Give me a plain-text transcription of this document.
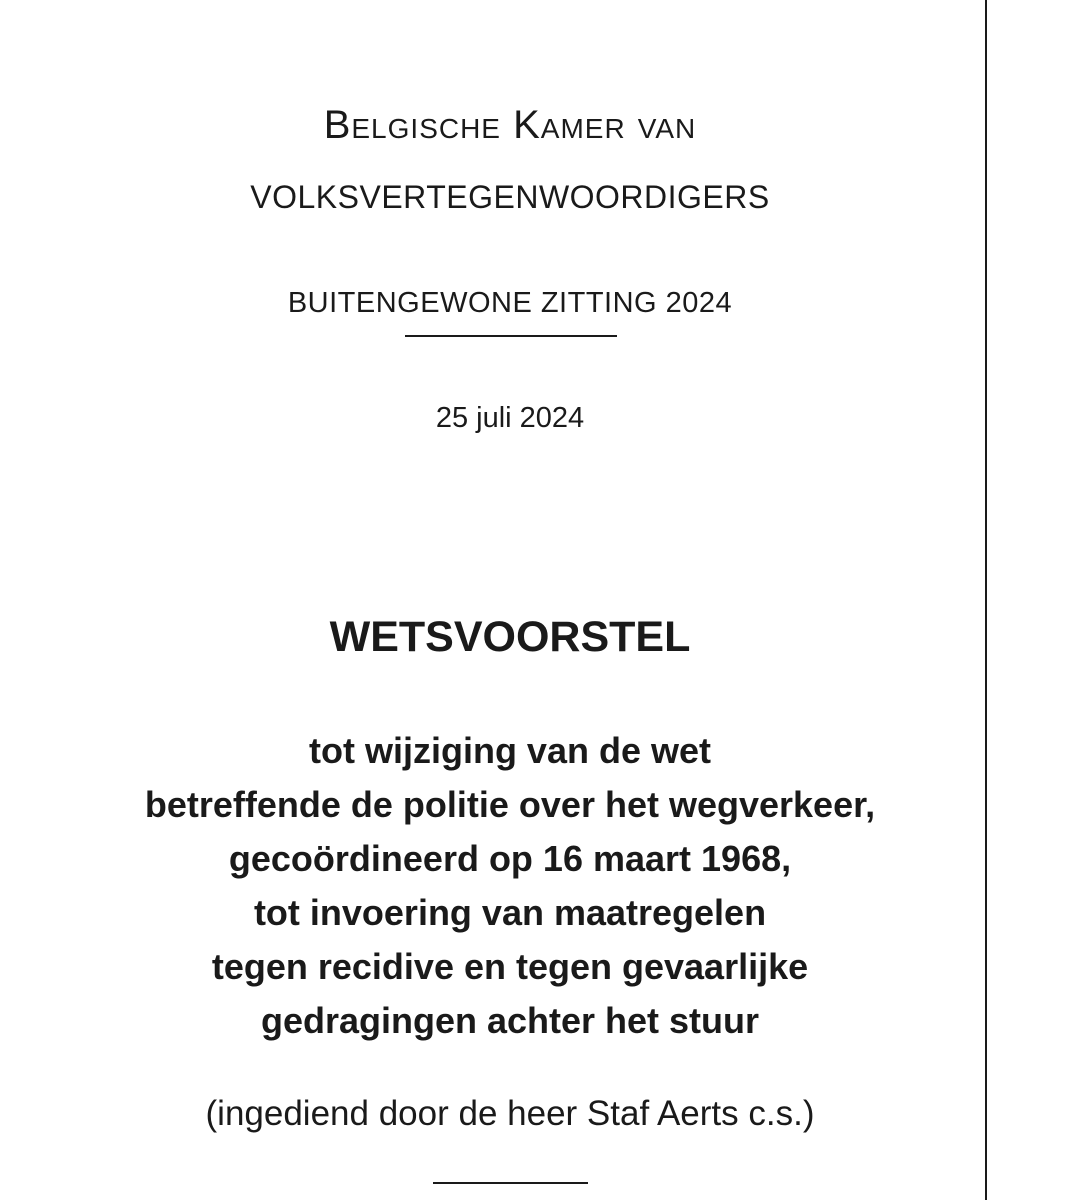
Belgische Kamer van
VOLKSVERTEGENWOORDIGERS
BUITENGEWONE ZITTING 2024
25 juli 2024
WETSVOORSTEL
tot wijziging van de wet
betreffende de politie over het wegverkeer,
gecoördineerd op 16 maart 1968,
tot invoering van maatregelen
tegen recidive en tegen gevaarlijke
gedragingen achter het stuur
(ingediend door de heer Staf Aerts c.s.)
